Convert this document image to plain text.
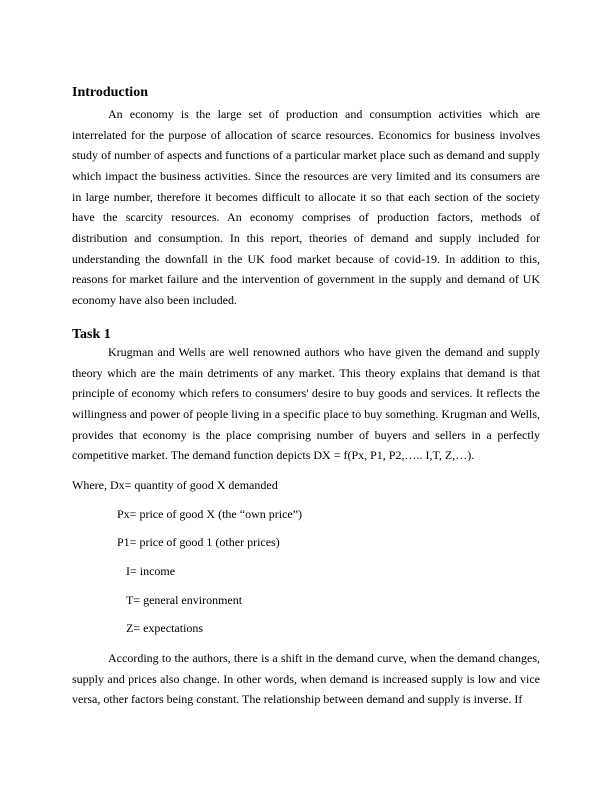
Introduction

An economy is the large set of production and consumption activities which are interrelated for the purpose of allocation of scarce resources. Economics for business involves study of number of aspects and functions of a particular market place such as demand and supply which impact the business activities. Since the resources are very limited and its consumers are in large number, therefore it becomes difficult to allocate it so that each section of the society have the scarcity resources. An economy comprises of production factors, methods of distribution and consumption. In this report, theories of demand and supply included for understanding the downfall in the UK food market because of covid-19. In addition to this, reasons for market failure and the intervention of government in the supply and demand of UK economy have also been included.

Task 1

Krugman and Wells are well renowned authors who have given the demand and supply theory which are the main detriments of any market. This theory explains that demand is that principle of economy which refers to consumers' desire to buy goods and services. It reflects the willingness and power of people living in a specific place to buy something. Krugman and Wells, provides that economy is the place comprising number of buyers and sellers in a perfectly competitive market. The demand function depicts DX = f(Px, P1, P2,….. I,T, Z,…).

Where, Dx= quantity of good X demanded

Px= price of good X (the “own price”)

P1= price of good 1 (other prices)

I= income

T= general environment

Z= expectations

According to the authors, there is a shift in the demand curve, when the demand changes, supply and prices also change. In other words, when demand is increased supply is low and vice versa, other factors being constant. The relationship between demand and supply is inverse. If
